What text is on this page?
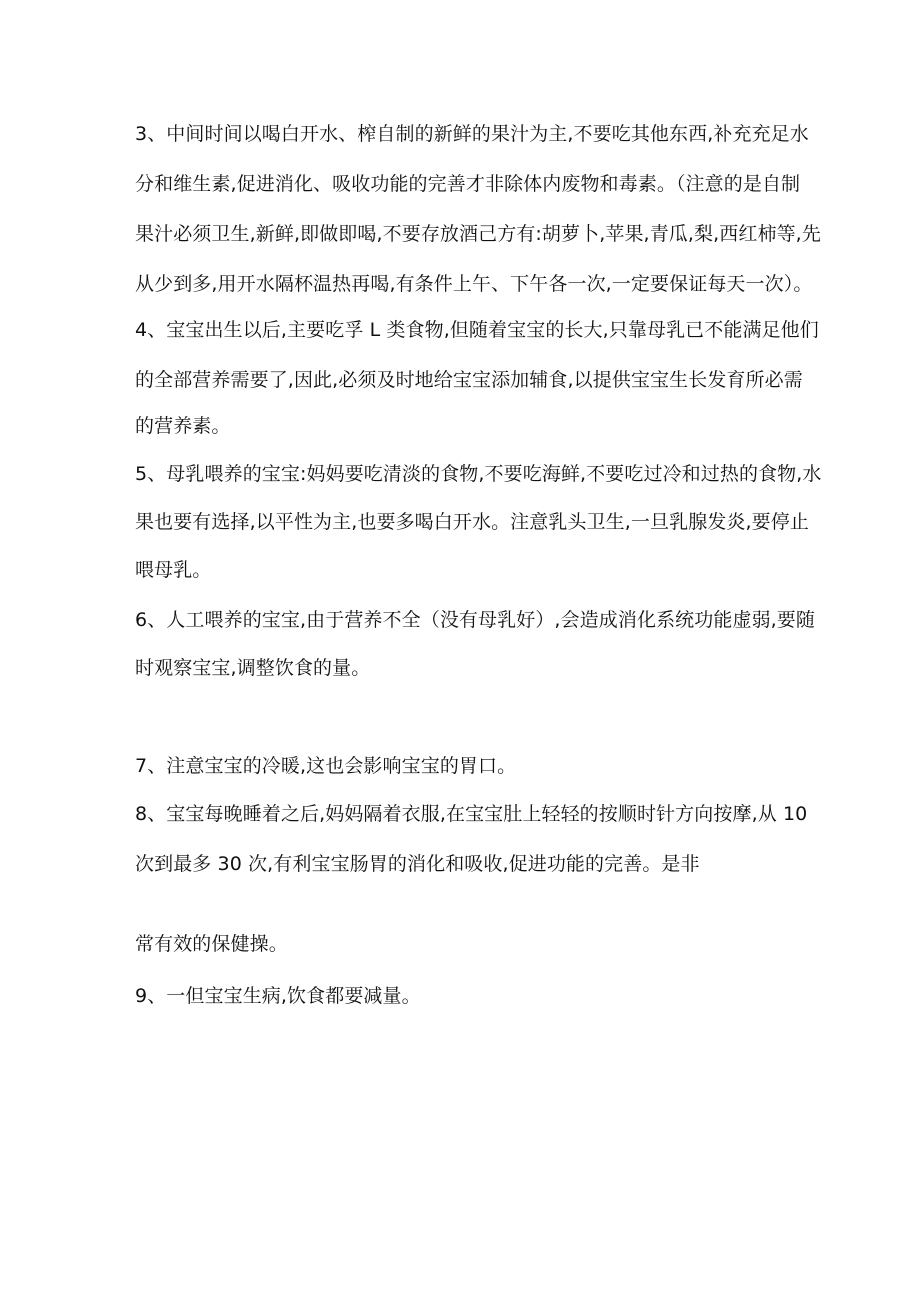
3、中间时间以喝白开水、榨自制的新鲜的果汁为主,不要吃其他东西,补充充足水
分和维生素,促进消化、吸收功能的完善才非除体内废物和毒素。（注意的是自制
果汁必须卫生,新鲜,即做即喝,不要存放酒己方有:胡萝卜,苹果,青瓜,梨,西红柿等,先
从少到多,用开水隔杯温热再喝,有条件上午、下午各一次,一定要保证每天一次）。
4、宝宝出生以后,主要吃孚 L 类食物,但随着宝宝的长大,只靠母乳已不能满足他们
的全部营养需要了,因此,必须及时地给宝宝添加辅食,以提供宝宝生长发育所必需
的营养素。
5、母乳喂养的宝宝:妈妈要吃清淡的食物,不要吃海鲜,不要吃过冷和过热的食物,水
果也要有选择,以平性为主,也要多喝白开水。注意乳头卫生,一旦乳腺发炎,要停止
喂母乳。
6、人工喂养的宝宝,由于营养不全（没有母乳好）,会造成消化系统功能虚弱,要随
时观察宝宝,调整饮食的量。
7、注意宝宝的冷暖,这也会影响宝宝的胃口。
8、宝宝每晚睡着之后,妈妈隔着衣服,在宝宝肚上轻轻的按顺时针方向按摩,从 10
次到最多 30 次,有利宝宝肠胃的消化和吸收,促进功能的完善。是非
常有效的保健操。
9、一但宝宝生病,饮食都要减量。
